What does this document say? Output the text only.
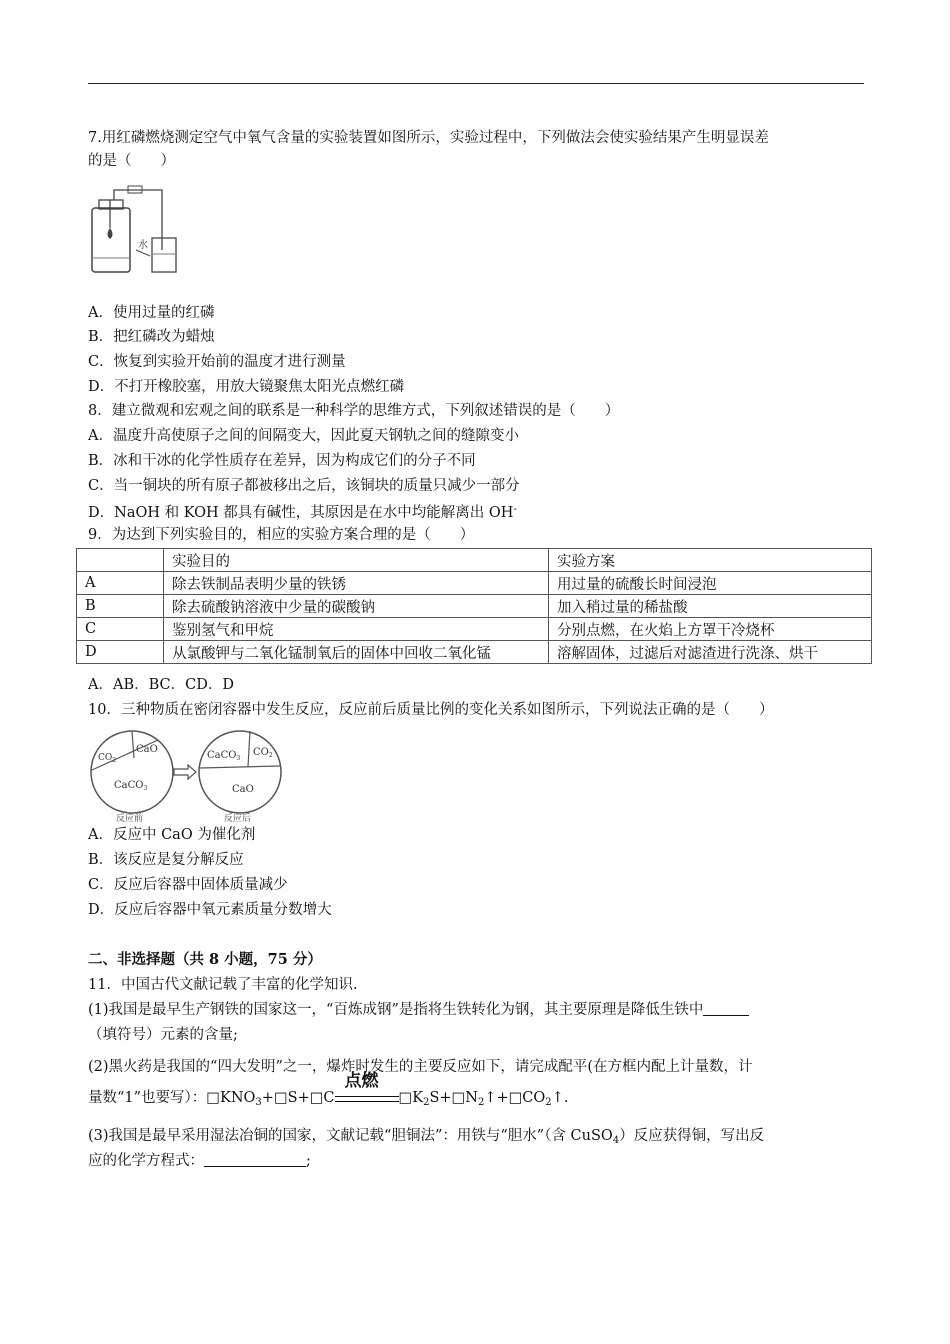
7.用红磷燃烧测定空气中氧气含量的实验装置如图所示，实验过程中，下列做法会使实验结果产生明显误差
的是（　　）
水
A．使用过量的红磷
B．把红磷改为蜡烛
C．恢复到实验开始前的温度才进行测量
D．不打开橡胶塞，用放大镜聚焦太阳光点燃红磷
8．建立微观和宏观之间的联系是一种科学的思维方式，下列叙述错误的是（　　）
A．温度升高使原子之间的间隔变大，因此夏天钢轨之间的缝隙变小
B．冰和干冰的化学性质存在差异，因为构成它们的分子不同
C．当一铜块的所有原子都被移出之后，该铜块的质量只减少一部分
D．NaOH 和 KOH 都具有碱性，其原因是在水中均能解离出 OH-
9．为达到下列实验目的，相应的实验方案合理的是（　　）
	实验目的	实验方案
A	除去铁制品表明少量的铁锈	用过量的硫酸长时间浸泡
B	除去硫酸钠溶液中少量的碳酸钠	加入稍过量的稀盐酸
C	鉴别氢气和甲烷	分别点燃，在火焰上方罩干冷烧杯
D	从氯酸钾与二氧化锰制氧后的固体中回收二氧化锰	溶解固体，过滤后对滤渣进行洗涤、烘干
A．AB．BC．CD．D
10．三种物质在密闭容器中发生反应，反应前后质量比例的变化关系如图所示，下列说法正确的是（　　）
$CO_2$
CaO
CaCO$_3$
反应前
CaCO$_3$
$CO_2$
CaO
反应后
A．反应中 CaO 为催化剂
B．该反应是复分解反应
C．反应后容器中固体质量减少
D．反应后容器中氧元素质量分数增大
二、非选择题（共 8 小题，75 分）
11．中国古代文献记载了丰富的化学知识.
(1)我国是最早生产钢铁的国家这一，“百炼成钢”是指将生铁转化为钢，其主要原理是降低生铁中
（填符号）元素的含量;
(2)黑火药是我国的“四大发明”之一，爆炸时发生的主要反应如下，请完成配平(在方框内配上计量数，计
量数“1”也要写）：$□KNO_3+□S+□C$
点燃
$□K_2S+□N_2↑+□CO_2↑$.
(3)我国是最早采用湿法冶铜的国家，文献记载“胆铜法”：用铁与“胆水”（含 CuSO$_4$）反应获得铜，写出反
应的化学方程式：	;
